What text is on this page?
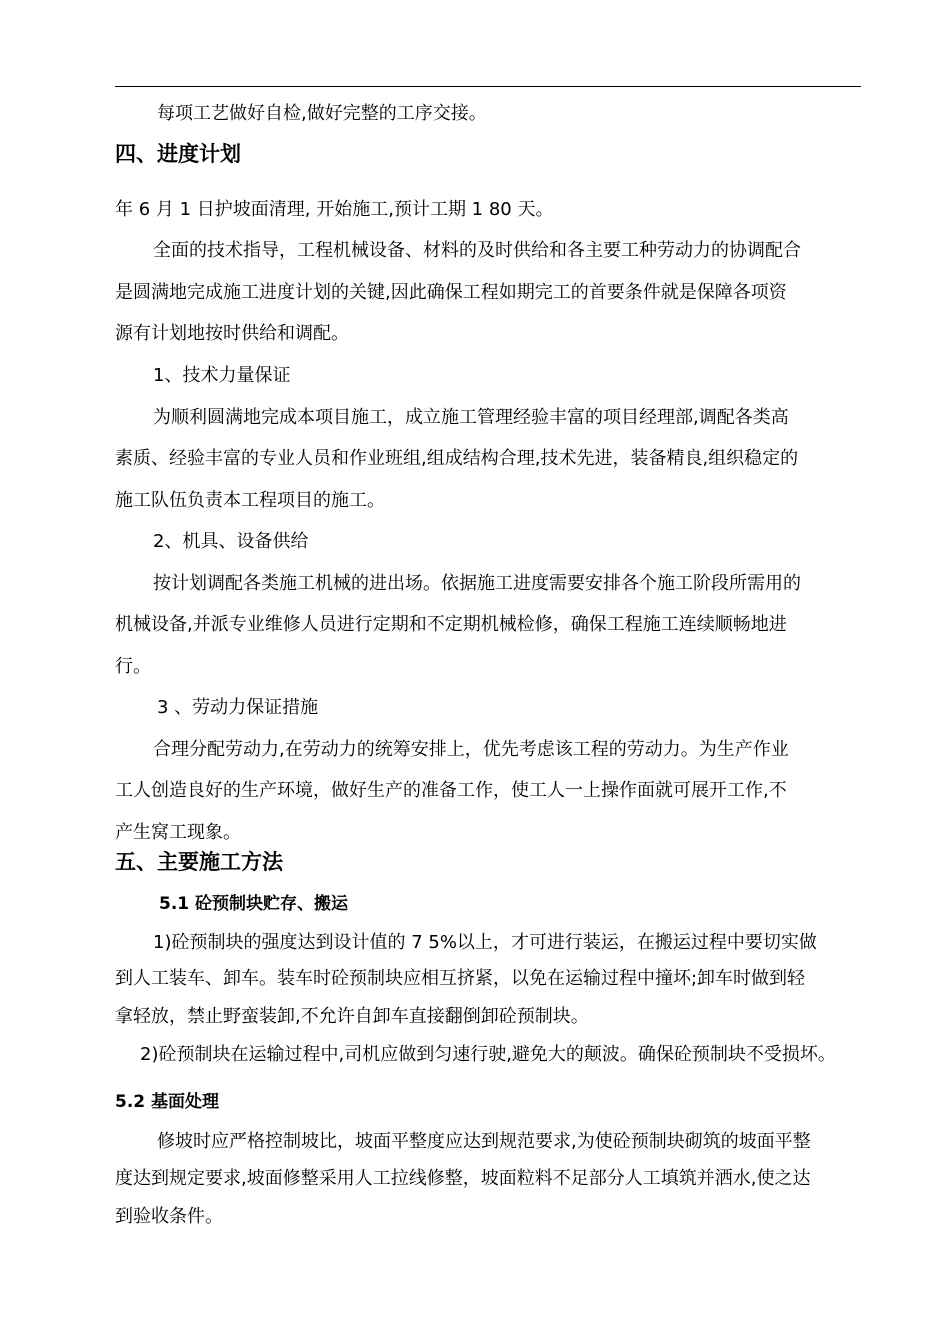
每项工艺做好自检,做好完整的工序交接。
四、进度计划
年 6 月 1 日护坡面清理, 开始施工,预计工期 1 80 天。
全面的技术指导，工程机械设备、材料的及时供给和各主要工种劳动力的协调配合
是圆满地完成施工进度计划的关键,因此确保工程如期完工的首要条件就是保障各项资
源有计划地按时供给和调配。
1、技术力量保证
为顺利圆满地完成本项目施工，成立施工管理经验丰富的项目经理部,调配各类高
素质、经验丰富的专业人员和作业班组,组成结构合理,技术先进，装备精良,组织稳定的
施工队伍负责本工程项目的施工。
2、机具、设备供给
按计划调配各类施工机械的进出场。依据施工进度需要安排各个施工阶段所需用的
机械设备,并派专业维修人员进行定期和不定期机械检修，确保工程施工连续顺畅地进
行。
3 、劳动力保证措施
合理分配劳动力,在劳动力的统筹安排上，优先考虑该工程的劳动力。为生产作业
工人创造良好的生产环境，做好生产的准备工作，使工人一上操作面就可展开工作,不
产生窝工现象。
五、主要施工方法
5.1 砼预制块贮存、搬运
1)砼预制块的强度达到设计值的 7 5%以上，才可进行装运，在搬运过程中要切实做
到人工装车、卸车。装车时砼预制块应相互挤紧，以免在运输过程中撞坏;卸车时做到轻
拿轻放，禁止野蛮装卸,不允许自卸车直接翻倒卸砼预制块。
2)砼预制块在运输过程中,司机应做到匀速行驶,避免大的颠波。确保砼预制块不受损坏。
5.2 基面处理
修坡时应严格控制坡比，坡面平整度应达到规范要求,为使砼预制块砌筑的坡面平整
度达到规定要求,坡面修整采用人工拉线修整，坡面粒料不足部分人工填筑并洒水,使之达
到验收条件。
